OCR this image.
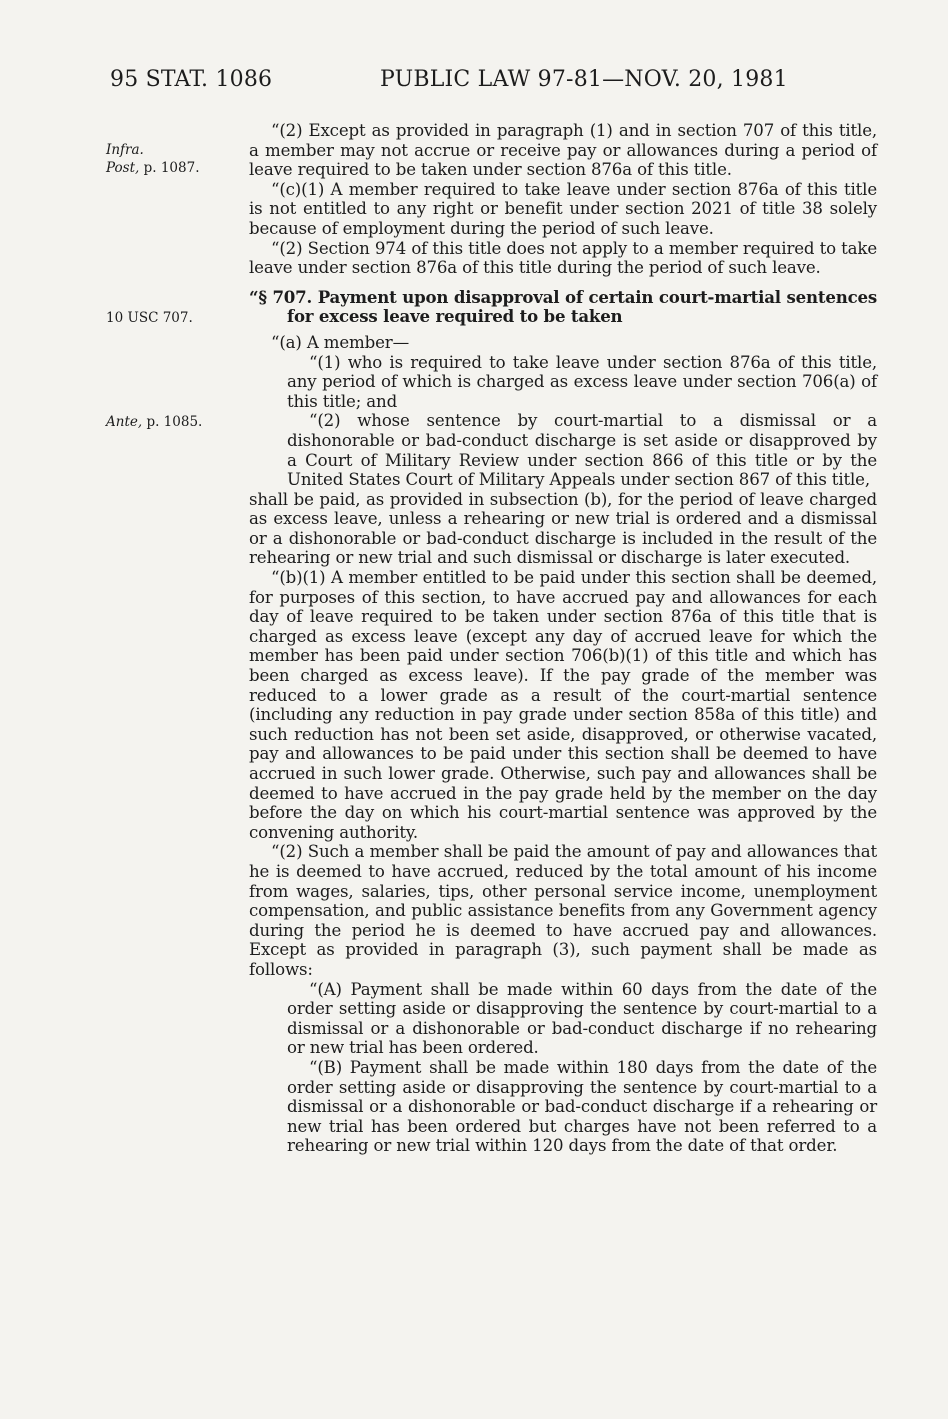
95 STAT. 1086	PUBLIC LAW 97-81—NOV. 20, 1981
Infra.
Post, p. 1087.
10 USC 707.
Ante, p. 1085.

“(2) Except as provided in paragraph (1) and in section 707 of this title, a member may not accrue or receive pay or allowances during a period of leave required to be taken under section 876a of this title.

“(c)(1) A member required to take leave under section 876a of this title is not entitled to any right or benefit under section 2021 of title 38 solely because of employment during the period of such leave.

“(2) Section 974 of this title does not apply to a member required to take leave under section 876a of this title during the period of such leave.

“§ 707. Payment upon disapproval of certain court-martial sentences for excess leave required to be taken

“(a) A member—

“(1) who is required to take leave under section 876a of this title, any period of which is charged as excess leave under section 706(a) of this title; and

“(2) whose sentence by court-martial to a dismissal or a dishonorable or bad-conduct discharge is set aside or disapproved by a Court of Military Review under section 866 of this title or by the United States Court of Military Appeals under section 867 of this title,

shall be paid, as provided in subsection (b), for the period of leave charged as excess leave, unless a rehearing or new trial is ordered and a dismissal or a dishonorable or bad-conduct discharge is included in the result of the rehearing or new trial and such dismissal or discharge is later executed.

“(b)(1) A member entitled to be paid under this section shall be deemed, for purposes of this section, to have accrued pay and allowances for each day of leave required to be taken under section 876a of this title that is charged as excess leave (except any day of accrued leave for which the member has been paid under section 706(b)(1) of this title and which has been charged as excess leave). If the pay grade of the member was reduced to a lower grade as a result of the court-martial sentence (including any reduction in pay grade under section 858a of this title) and such reduction has not been set aside, disapproved, or otherwise vacated, pay and allowances to be paid under this section shall be deemed to have accrued in such lower grade. Otherwise, such pay and allowances shall be deemed to have accrued in the pay grade held by the member on the day before the day on which his court-martial sentence was approved by the convening authority.

“(2) Such a member shall be paid the amount of pay and allowances that he is deemed to have accrued, reduced by the total amount of his income from wages, salaries, tips, other personal service income, unemployment compensation, and public assistance benefits from any Government agency during the period he is deemed to have accrued pay and allowances. Except as provided in paragraph (3), such payment shall be made as follows:

“(A) Payment shall be made within 60 days from the date of the order setting aside or disapproving the sentence by court-martial to a dismissal or a dishonorable or bad-conduct discharge if no rehearing or new trial has been ordered.

“(B) Payment shall be made within 180 days from the date of the order setting aside or disapproving the sentence by court-martial to a dismissal or a dishonorable or bad-conduct discharge if a rehearing or new trial has been ordered but charges have not been referred to a rehearing or new trial within 120 days from the date of that order.
